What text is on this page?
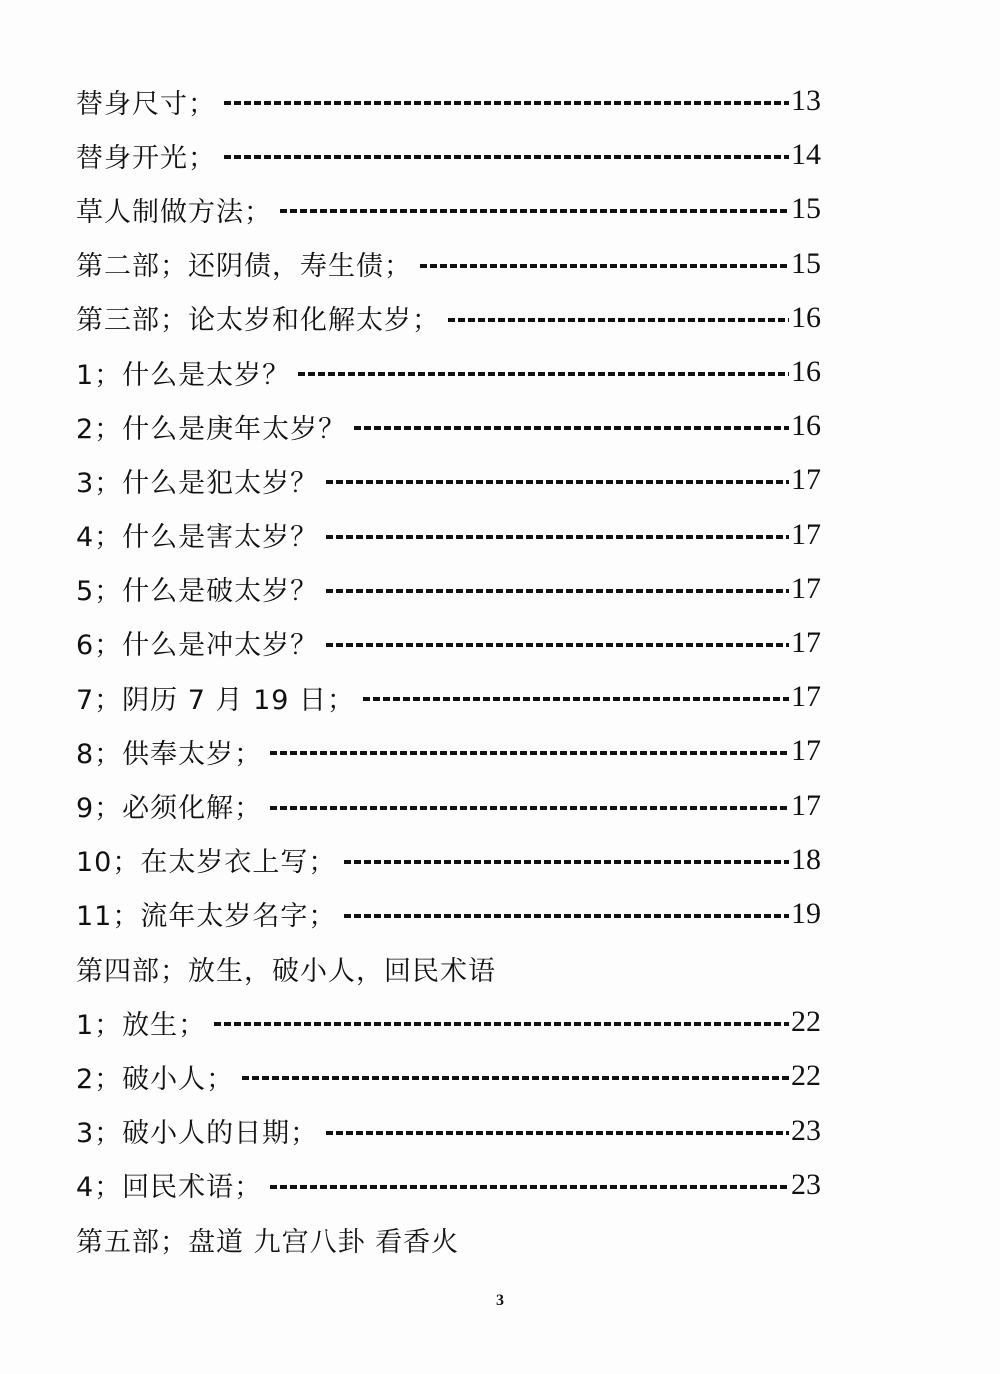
替身尺寸；	13
替身开光；	14
草人制做方法；	15
第二部；还阴债，寿生债；	15
第三部；论太岁和化解太岁；	16
1；什么是太岁？	16
2；什么是庚年太岁？	16
3；什么是犯太岁？	17
4；什么是害太岁？	17
5；什么是破太岁？	17
6；什么是冲太岁？	17
7；阴历 7 月 19 日；	17
8；供奉太岁；	17
9；必须化解；	17
10；在太岁衣上写；	18
11；流年太岁名字；	19
第四部；放生，破小人，回民术语
1；放生；	22
2；破小人；	22
3；破小人的日期；	23
4；回民术语；	23
第五部；盘道 九宫八卦 看香火
3
